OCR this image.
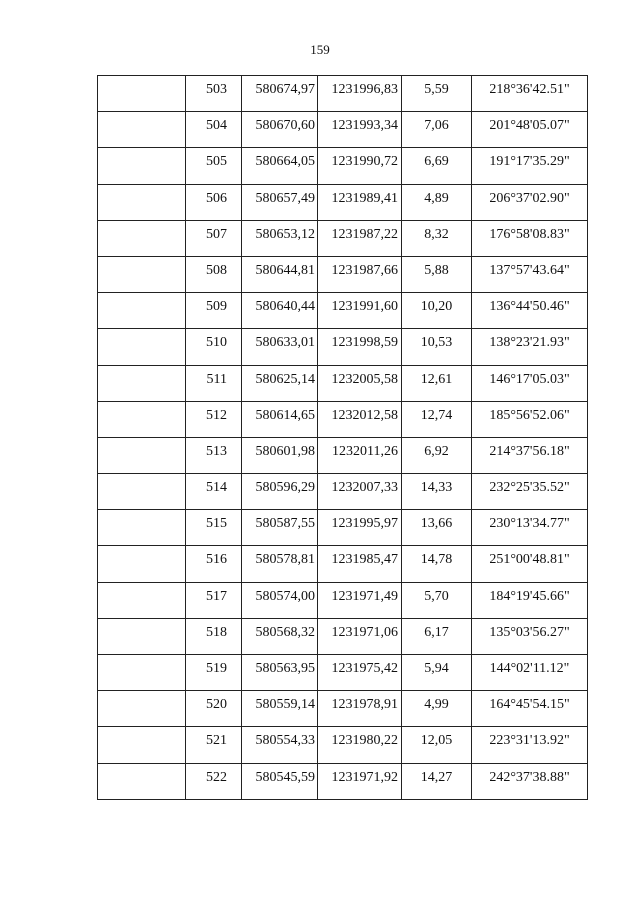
159
	503	580674,97	1231996,83	5,59	218°36'42.51"
	504	580670,60	1231993,34	7,06	201°48'05.07"
	505	580664,05	1231990,72	6,69	191°17'35.29"
	506	580657,49	1231989,41	4,89	206°37'02.90"
	507	580653,12	1231987,22	8,32	176°58'08.83"
	508	580644,81	1231987,66	5,88	137°57'43.64"
	509	580640,44	1231991,60	10,20	136°44'50.46"
	510	580633,01	1231998,59	10,53	138°23'21.93"
	511	580625,14	1232005,58	12,61	146°17'05.03"
	512	580614,65	1232012,58	12,74	185°56'52.06"
	513	580601,98	1232011,26	6,92	214°37'56.18"
	514	580596,29	1232007,33	14,33	232°25'35.52"
	515	580587,55	1231995,97	13,66	230°13'34.77"
	516	580578,81	1231985,47	14,78	251°00'48.81"
	517	580574,00	1231971,49	5,70	184°19'45.66"
	518	580568,32	1231971,06	6,17	135°03'56.27"
	519	580563,95	1231975,42	5,94	144°02'11.12"
	520	580559,14	1231978,91	4,99	164°45'54.15"
	521	580554,33	1231980,22	12,05	223°31'13.92"
	522	580545,59	1231971,92	14,27	242°37'38.88"
